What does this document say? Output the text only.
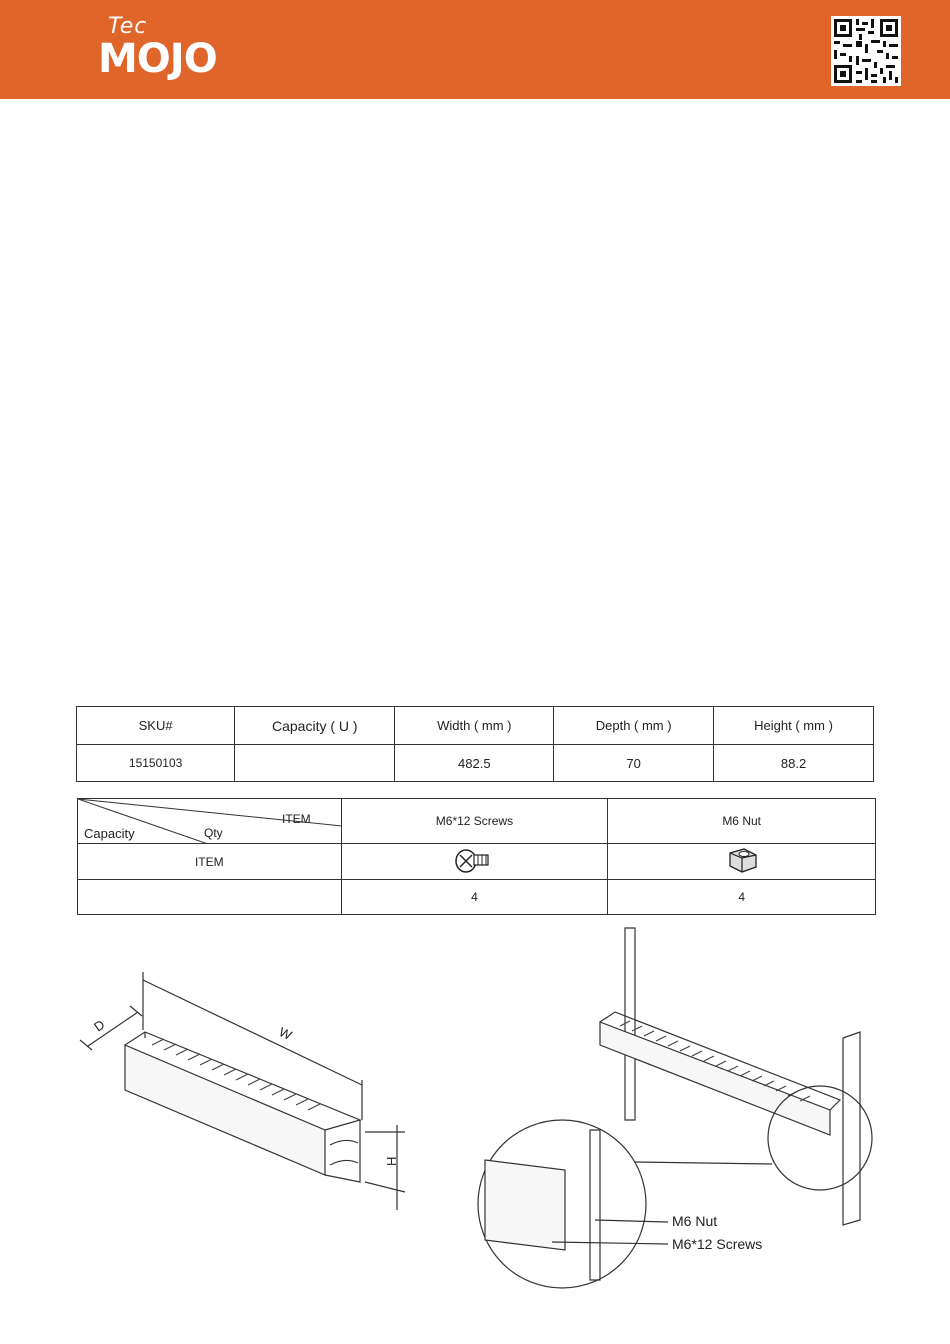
Tec
MOJO
SKU#	Capacity ( U )	Width ( mm )	Depth ( mm )	Height ( mm )
15150103		482.5	70	88.2
ITEM
Capacity Qty	M6*12 Screws	M6 Nut
ITEM		
	4	4
D	W
H
M6 Nut
M6*12 Screws
